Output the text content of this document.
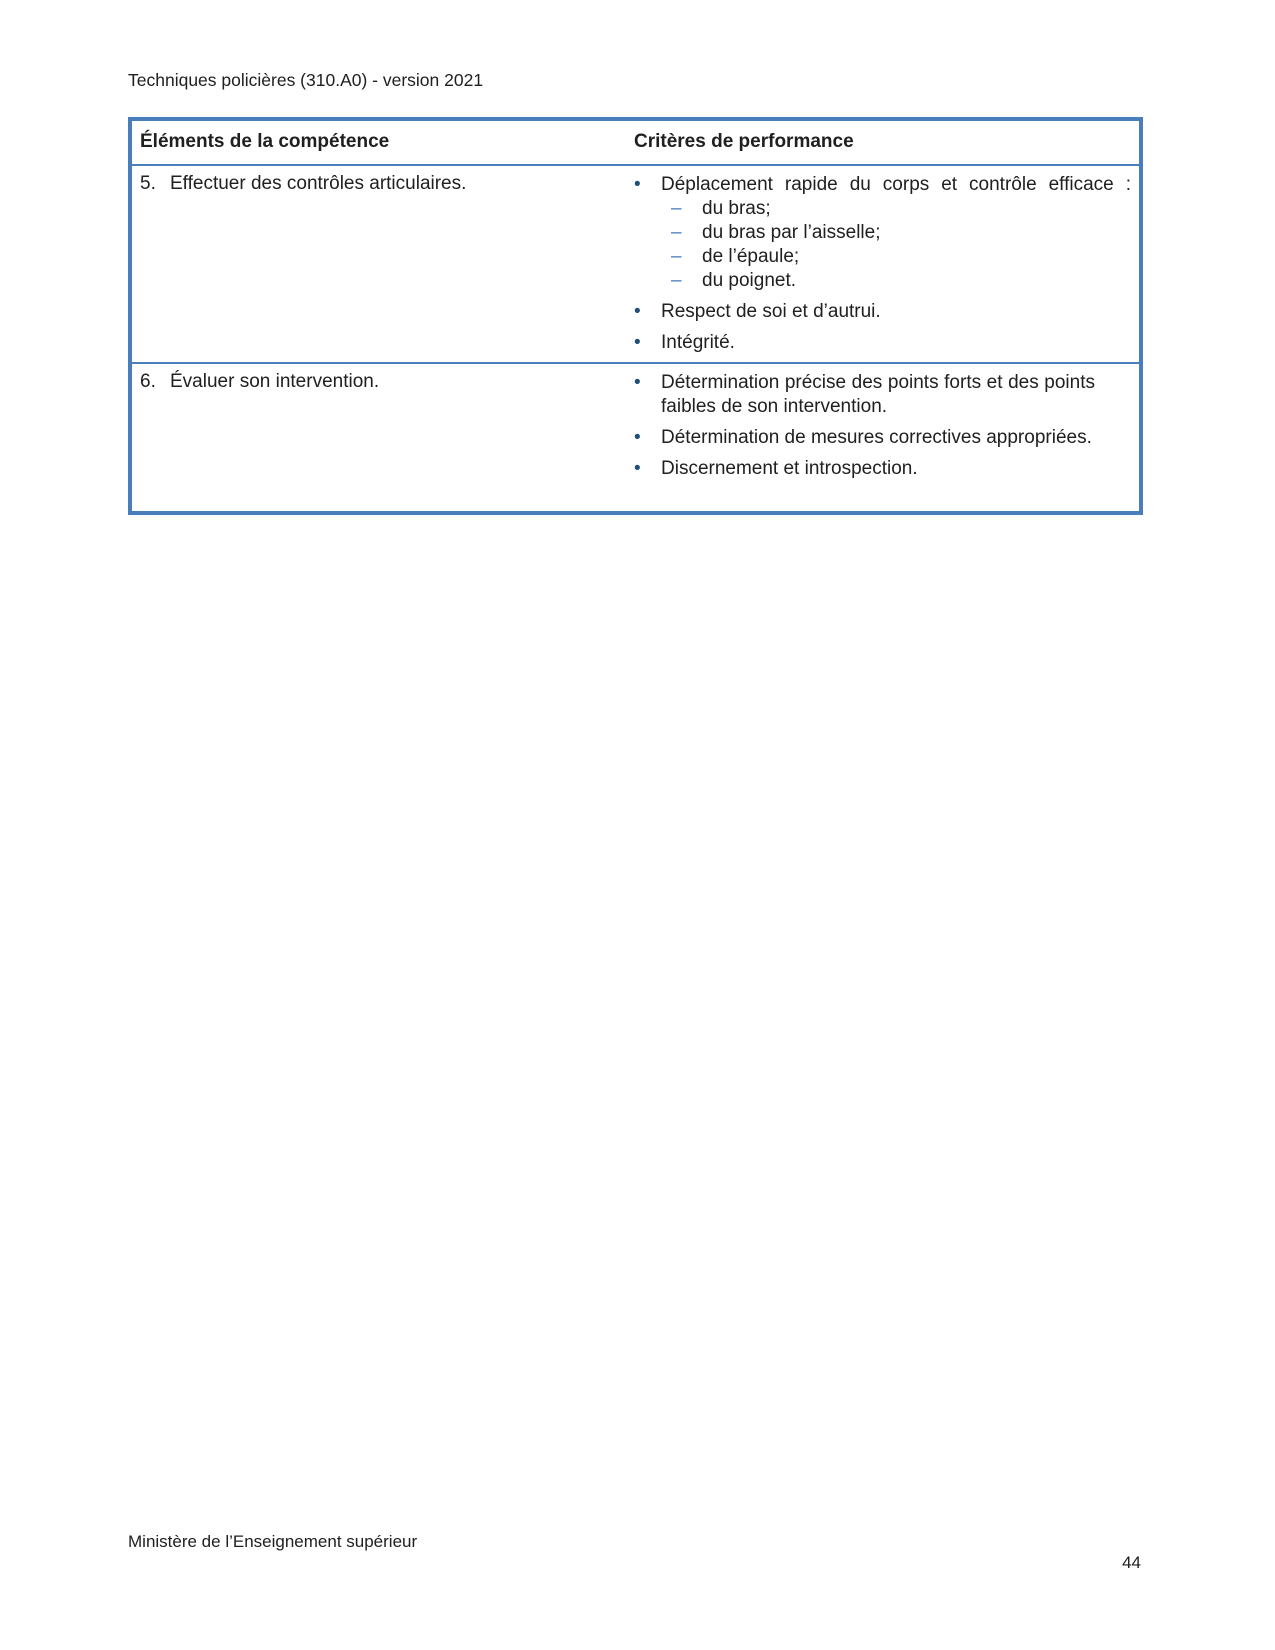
Techniques policières (310.A0) - version 2021
Éléments de la compétence	Critères de performance

5. Effectuer des contrôles articulaires.	•	Déplacement rapide du corps et contrôle efficace :
–	du bras;
–	du bras par l’aisselle;
–	de l’épaule;
–	du poignet.
•	Respect de soi et d’autrui.
•	Intégrité.

6. Évaluer son intervention.	•	Détermination précise des points forts et des points faibles de son intervention.
•	Détermination de mesures correctives appropriées.
•	Discernement et introspection.
Ministère de l’Enseignement supérieur
44
